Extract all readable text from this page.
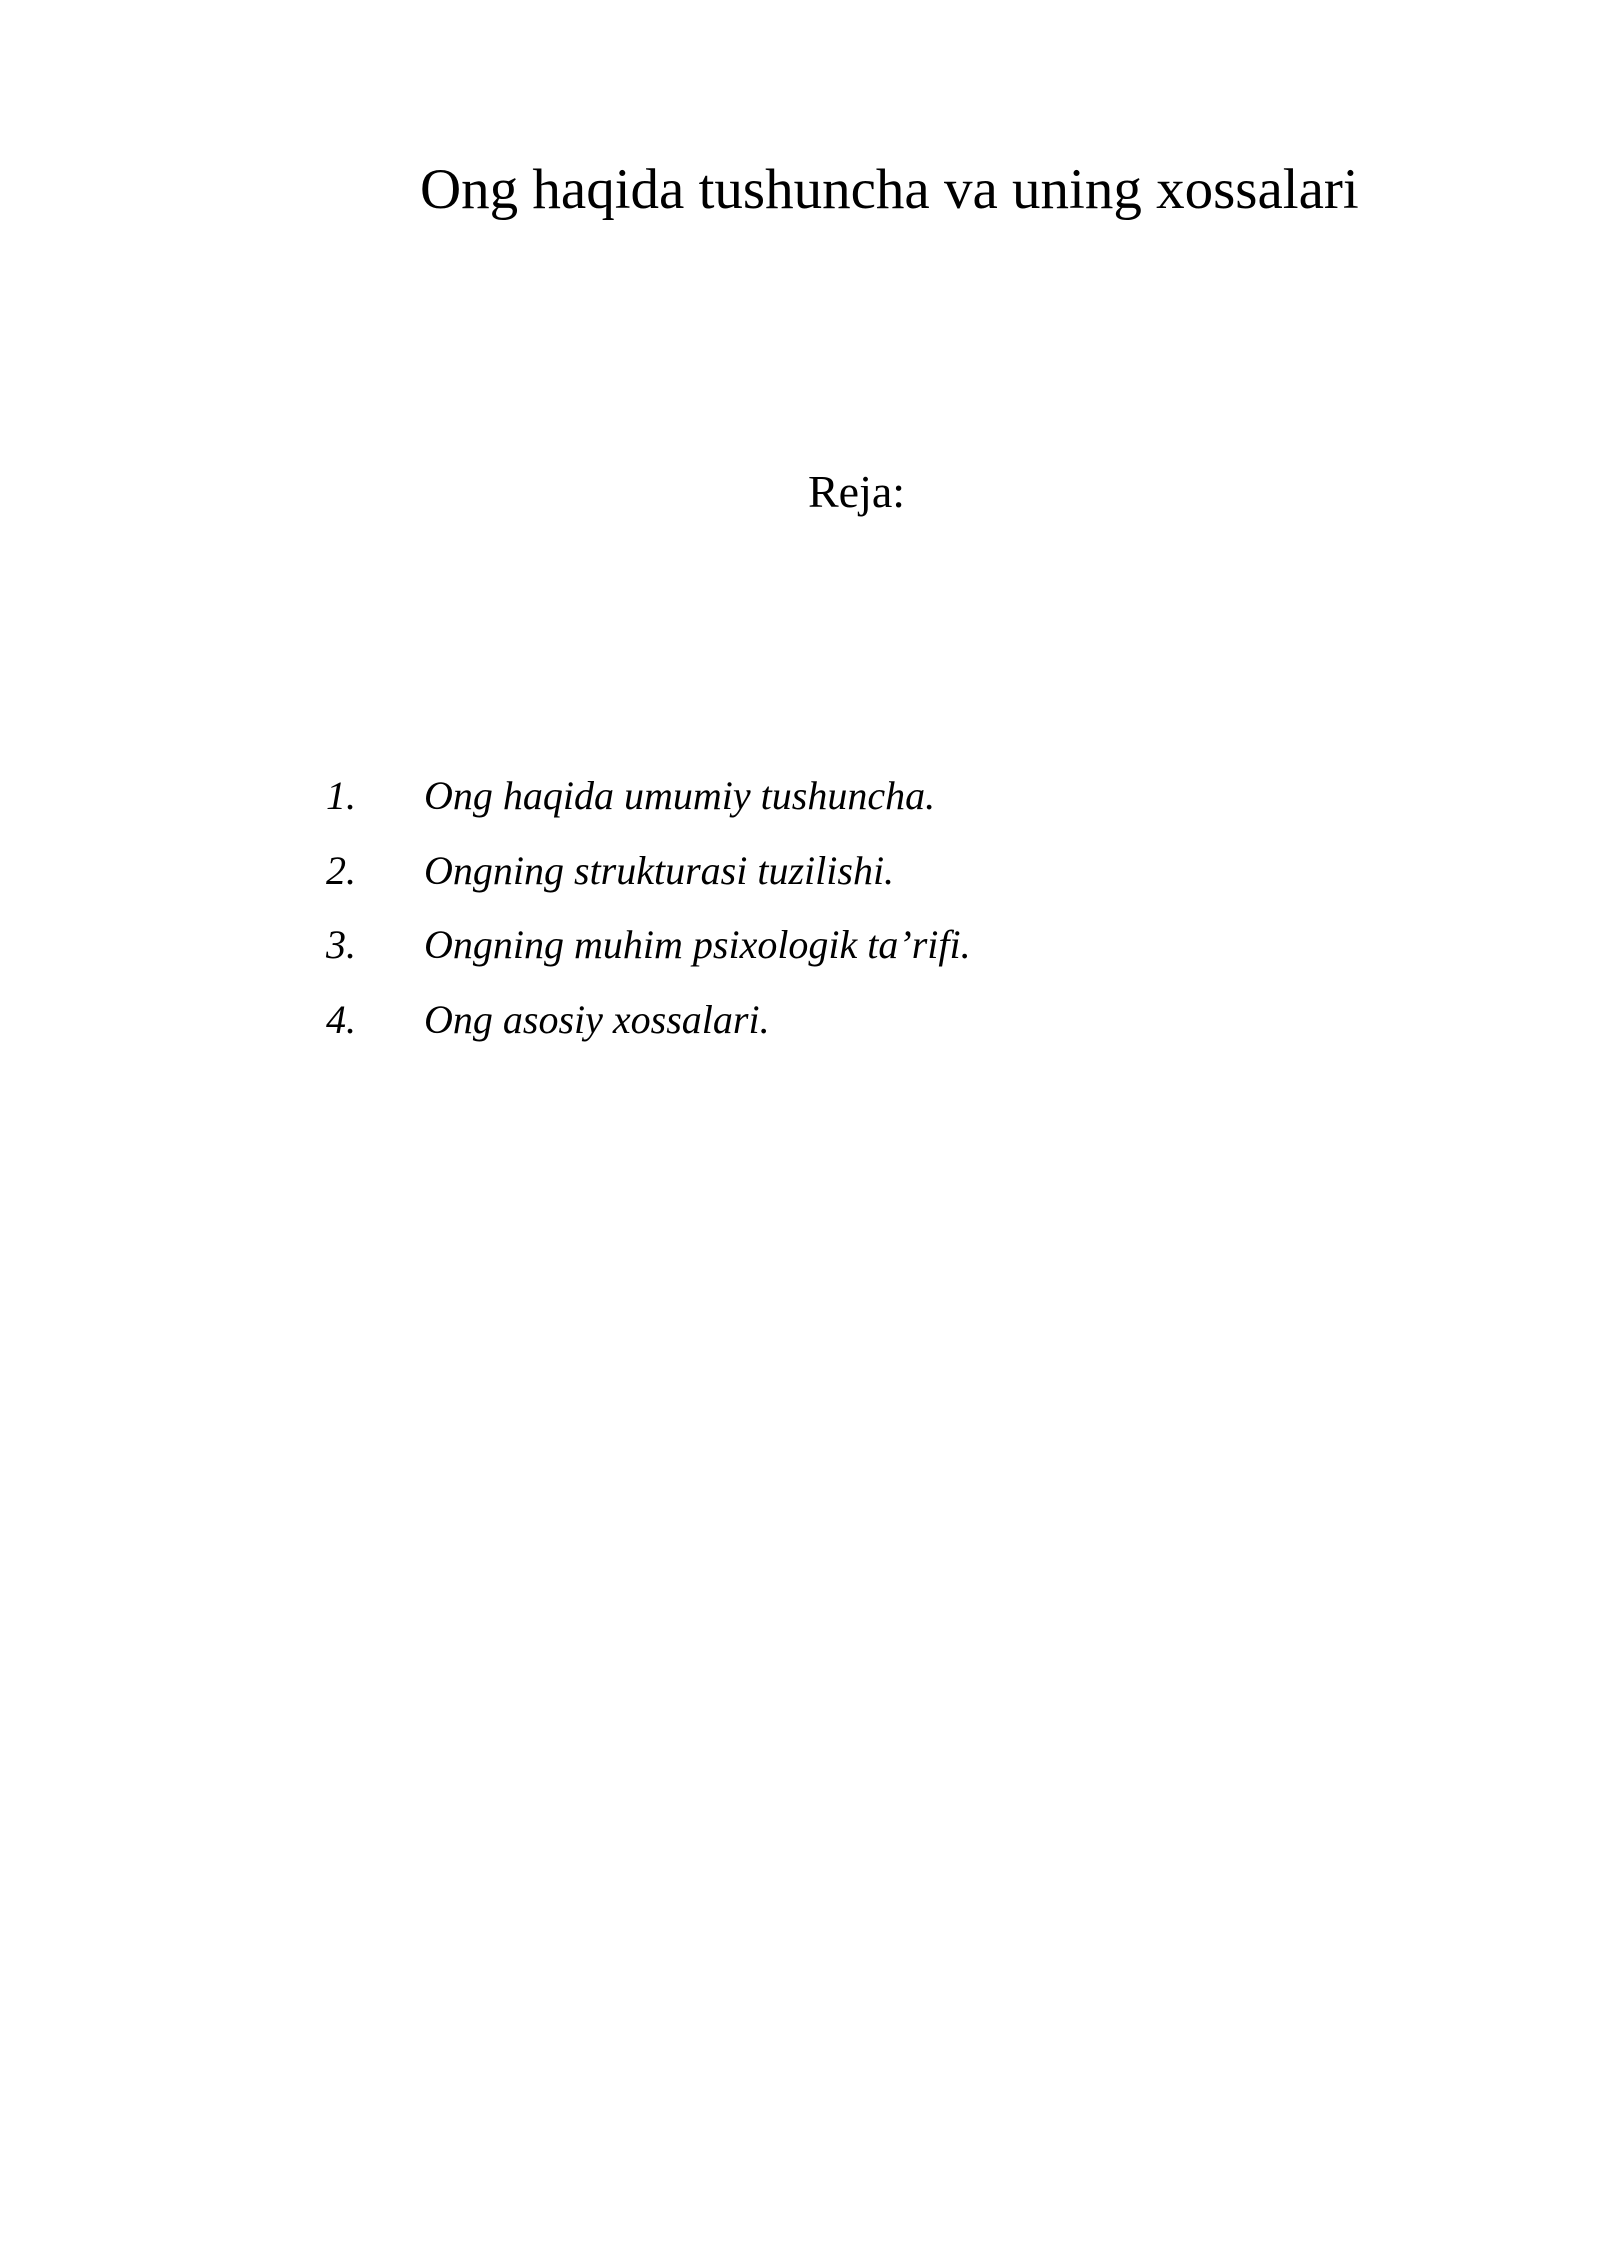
Ong haqida tushuncha va uning xossalari
Reja:
1. Ong haqida umumiy tushuncha.
2. Ongning strukturasi tuzilishi.
3. Ongning muhim psixologik ta’rifi.
4. Ong asosiy xossalari.
